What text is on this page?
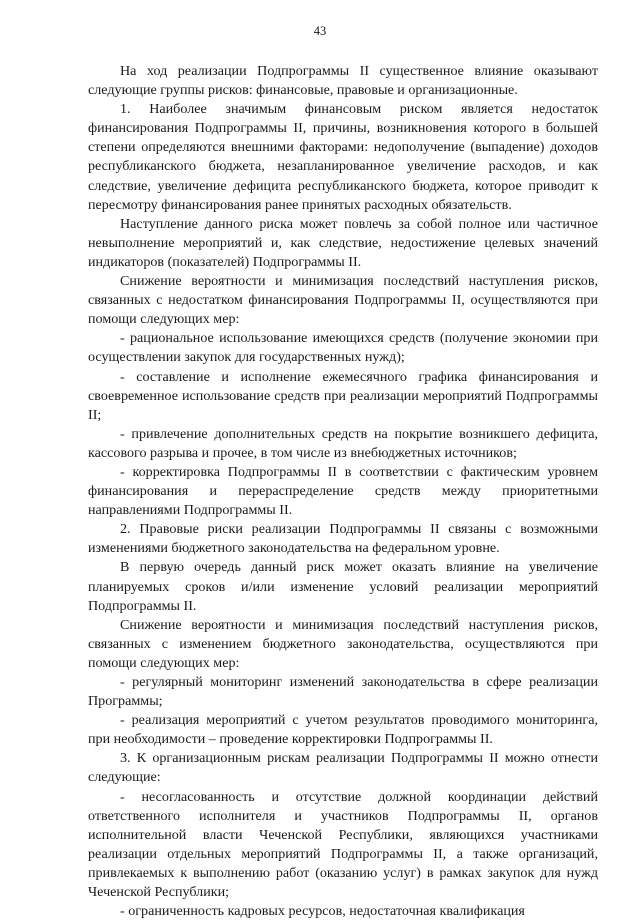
43

На ход реализации Подпрограммы II существенное влияние оказывают следующие группы рисков: финансовые, правовые и организационные.

1. Наиболее значимым финансовым риском является недостаток финансирования Подпрограммы II, причины, возникновения которого в большей степени определяются внешними факторами: недополучение (выпадение) доходов республиканского бюджета, незапланированное увеличение расходов, и как следствие, увеличение дефицита республиканского бюджета, которое приводит к пересмотру финансирования ранее принятых расходных обязательств.

Наступление данного риска может повлечь за собой полное или частичное невыполнение мероприятий и, как следствие, недостижение целевых значений индикаторов (показателей) Подпрограммы II.

Снижение вероятности и минимизация последствий наступления рисков, связанных с недостатком финансирования Подпрограммы II, осуществляются при помощи следующих мер:

- рациональное использование имеющихся средств (получение экономии при осуществлении закупок для государственных нужд);

- составление и исполнение ежемесячного графика финансирования и своевременное использование средств при реализации мероприятий Подпрограммы II;

- привлечение дополнительных средств на покрытие возникшего дефицита, кассового разрыва и прочее, в том числе из внебюджетных источников;

- корректировка Подпрограммы II в соответствии с фактическим уровнем финансирования и перераспределение средств между приоритетными направлениями Подпрограммы II.

2. Правовые риски реализации Подпрограммы II связаны с возможными изменениями бюджетного законодательства на федеральном уровне.

В первую очередь данный риск может оказать влияние на увеличение планируемых сроков и/или изменение условий реализации мероприятий Подпрограммы II.

Снижение вероятности и минимизация последствий наступления рисков, связанных с изменением бюджетного законодательства, осуществляются при помощи следующих мер:

- регулярный мониторинг изменений законодательства в сфере реализации Программы;

- реализация мероприятий с учетом результатов проводимого мониторинга, при необходимости – проведение корректировки Подпрограммы II.

3. К организационным рискам реализации Подпрограммы II можно отнести следующие:

- несогласованность и отсутствие должной координации действий ответственного исполнителя и участников Подпрограммы II, органов исполнительной власти Чеченской Республики, являющихся участниками реализации отдельных мероприятий Подпрограммы II, а также организаций, привлекаемых к выполнению работ (оказанию услуг) в рамках закупок для нужд Чеченской Республики;

- ограниченность кадровых ресурсов, недостаточная квалификация
